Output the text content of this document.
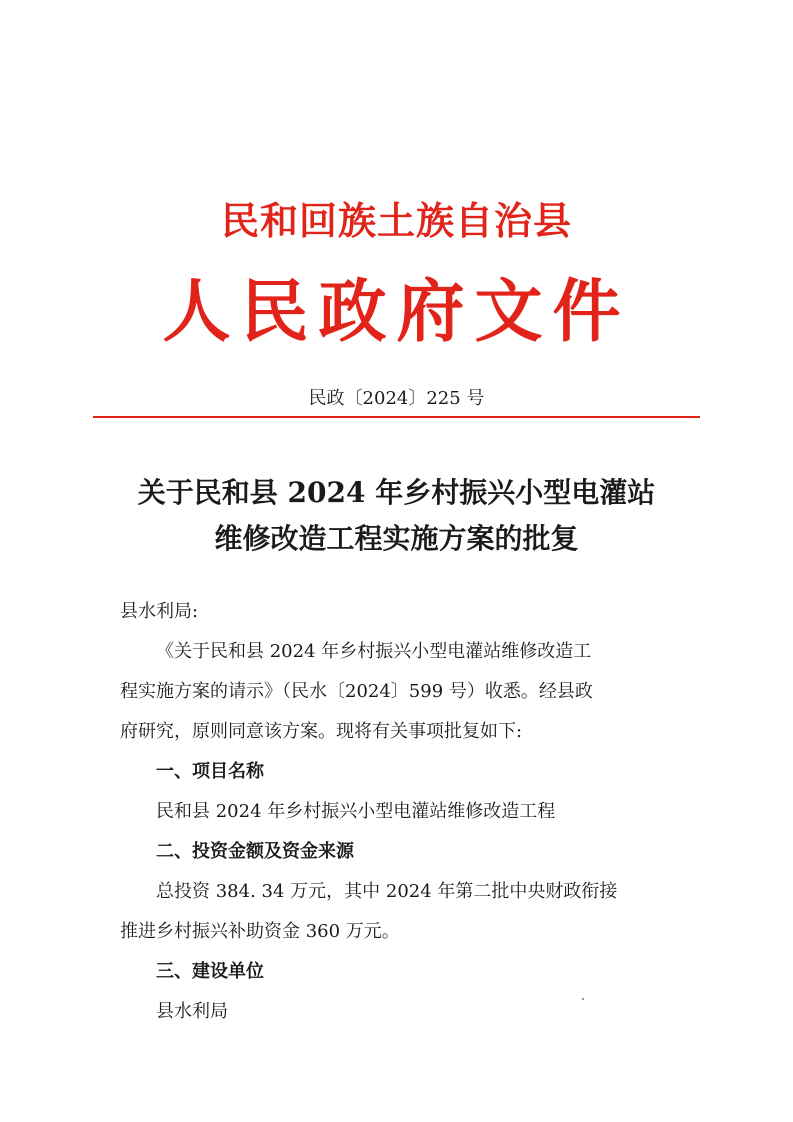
民和回族土族自治县
人民政府文件
民政〔2024〕225 号
关于民和县 2024 年乡村振兴小型电灌站
维修改造工程实施方案的批复

县水利局:

《关于民和县 2024 年乡村振兴小型电灌站维修改造工

程实施方案的请示》（民水〔2024〕599 号）收悉。经县政

府研究，原则同意该方案。现将有关事项批复如下:

一、项目名称

民和县 2024 年乡村振兴小型电灌站维修改造工程

二、投资金额及资金来源

总投资 384. 34 万元，其中 2024 年第二批中央财政衔接

推进乡村振兴补助资金 360 万元。

三、建设单位

县水利局
